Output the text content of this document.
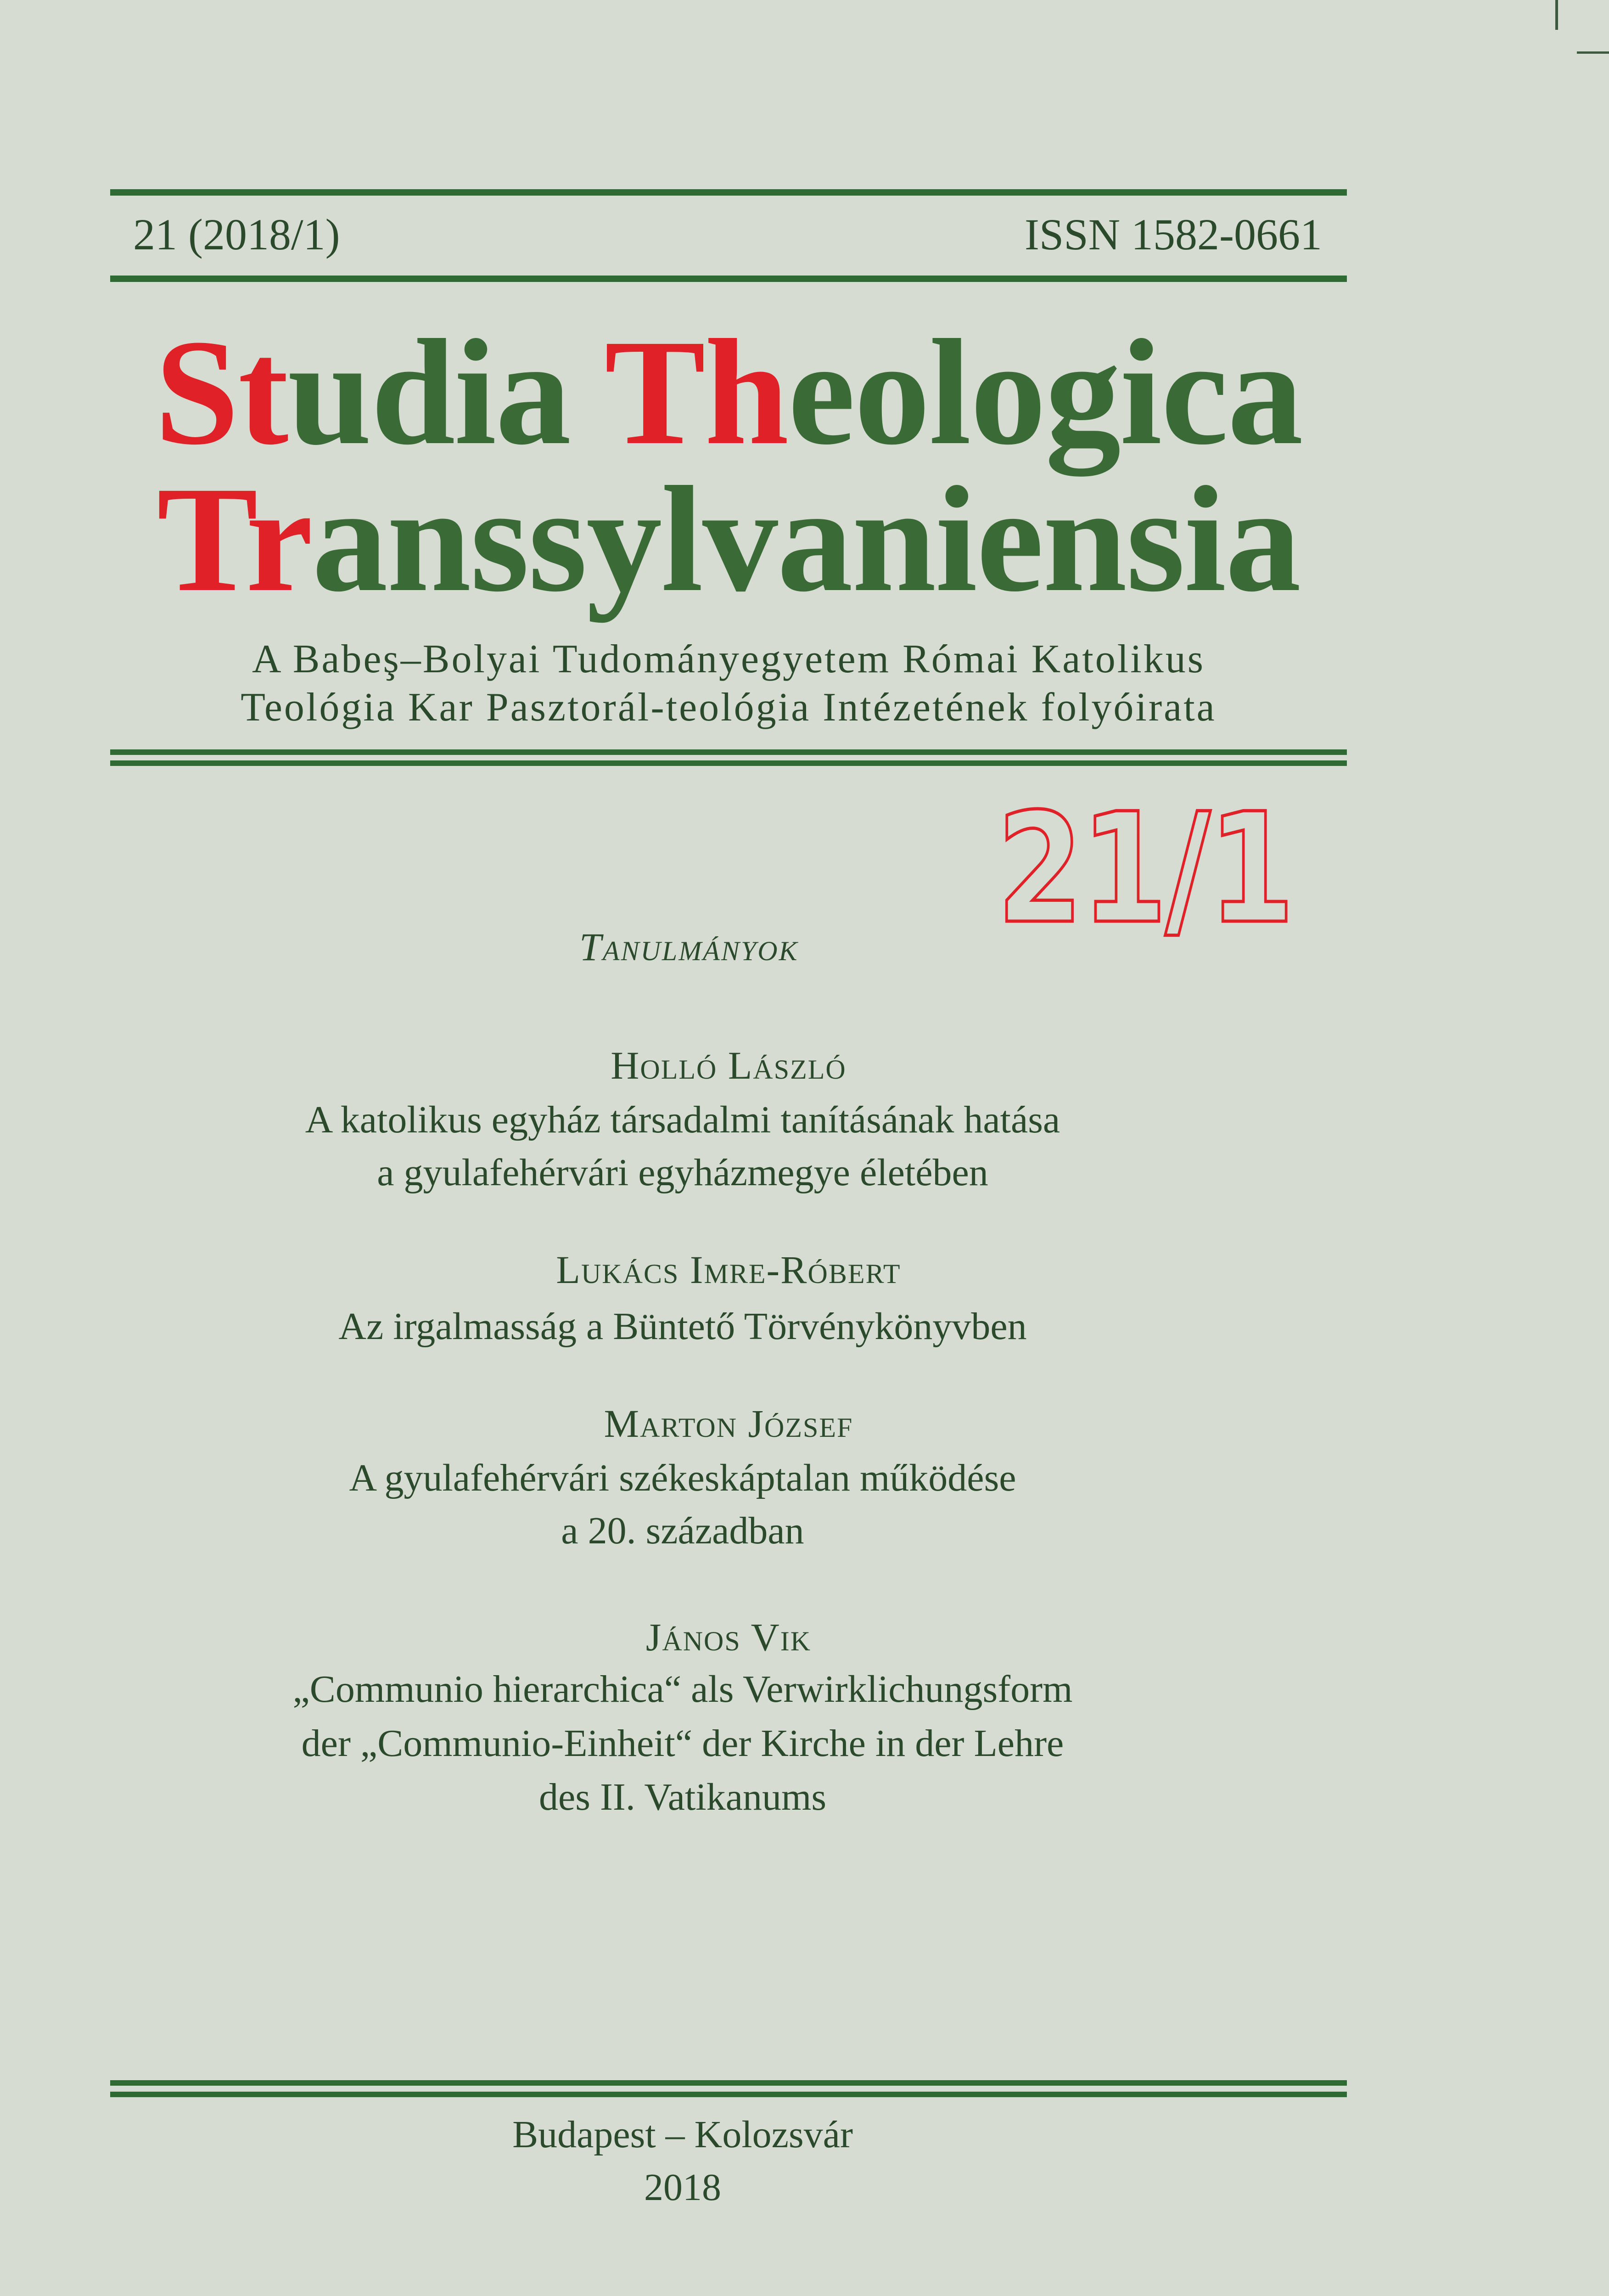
21 (2018/1)	ISSN 1582-0661
Studia Theologica
Transsylvaniensia
A Babeş–Bolyai Tudományegyetem Római Katolikus
Teológia Kar Pasztorál-teológia Intézetének folyóirata
21/1
Tanulmányok
Holló László
A katolikus egyház társadalmi tanításának hatása
a gyulafehérvári egyházmegye életében
Lukács Imre-Róbert
Az irgalmasság a Büntető Törvénykönyvben
Marton József
A gyulafehérvári székeskáptalan működése
a 20. században
János Vik
„Communio hierarchica“ als Verwirklichungsform
der „Communio-Einheit“ der Kirche in der Lehre
des II. Vatikanums
Budapest – Kolozsvár
2018
